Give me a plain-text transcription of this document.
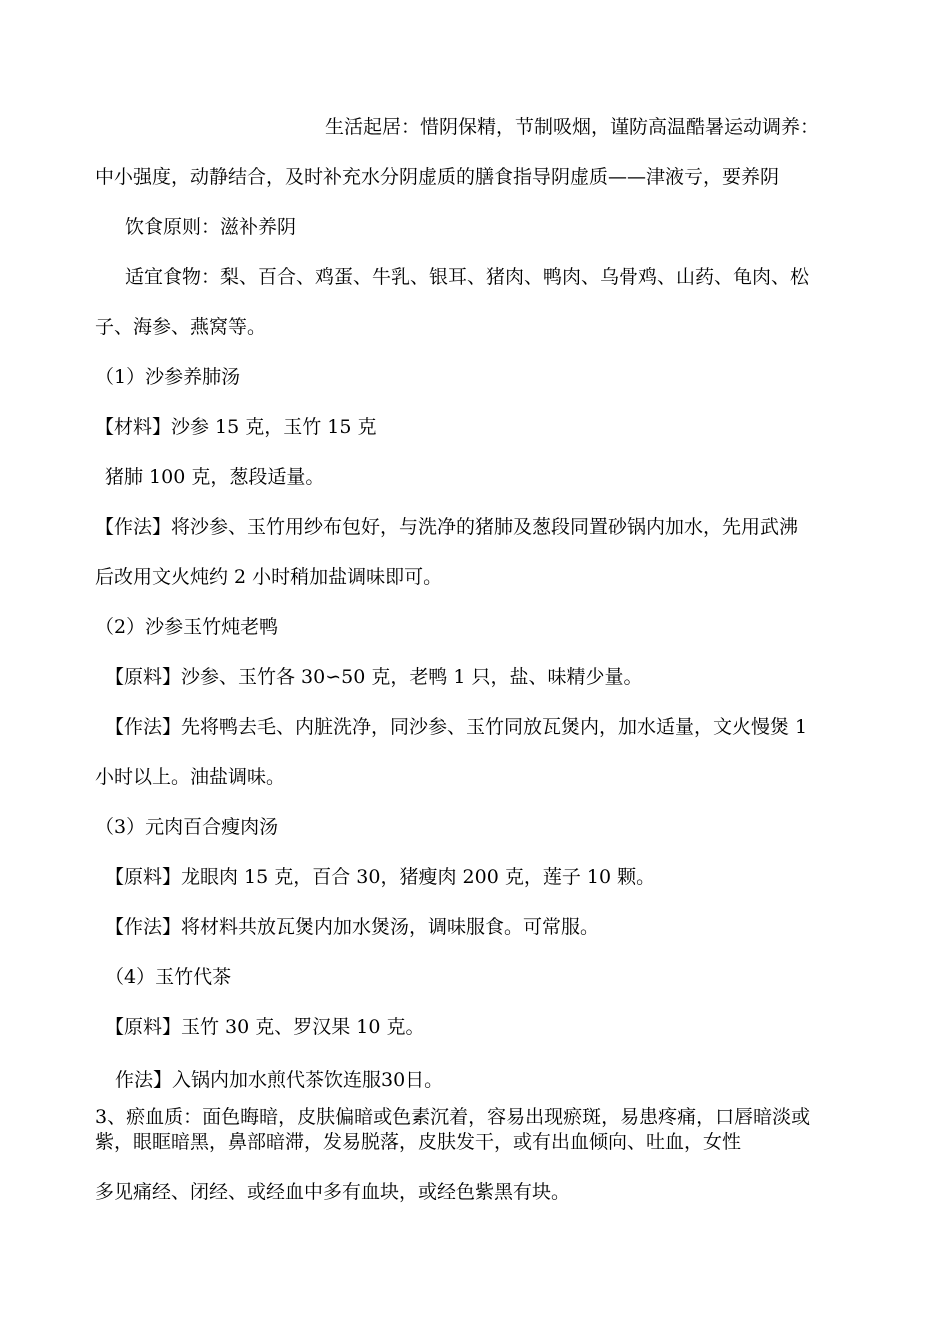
生活起居：惜阴保精，节制吸烟，谨防高温酷暑运动调养：
中小强度，动静结合，及时补充水分阴虚质的膳食指导阴虚质——津液亏，要养阴
饮食原则：滋补养阴
适宜食物：梨、百合、鸡蛋、牛乳、银耳、猪肉、鸭肉、乌骨鸡、山药、龟肉、松
子、海参、燕窝等。
（1）沙参养肺汤
【材料】沙参 15 克，玉竹 15 克
猪肺 100 克，葱段适量。
【作法】将沙参、玉竹用纱布包好，与洗净的猪肺及葱段同置砂锅内加水，先用武沸
后改用文火炖约 2 小时稍加盐调味即可。
（2）沙参玉竹炖老鸭
【原料】沙参、玉竹各 30∽50 克，老鸭 1 只，盐、味精少量。
【作法】先将鸭去毛、内脏洗净，同沙参、玉竹同放瓦煲内，加水适量，文火慢煲 1
小时以上。油盐调味。
（3）元肉百合瘦肉汤
【原料】龙眼肉 15 克，百合 30，猪瘦肉 200 克，莲子 10 颗。
【作法】将材料共放瓦煲内加水煲汤，调味服食。可常服。
（4）玉竹代茶
【原料】玉竹 30 克、罗汉果 10 克。
作法】入锅内加水煎代茶饮连服30日。
3、瘀血质：面色晦暗，皮肤偏暗或色素沉着，容易出现瘀斑，易患疼痛，口唇暗淡或
紫，眼眶暗黑，鼻部暗滞，发易脱落，皮肤发干，或有出血倾向、吐血，女性
多见痛经、闭经、或经血中多有血块，或经色紫黑有块。
